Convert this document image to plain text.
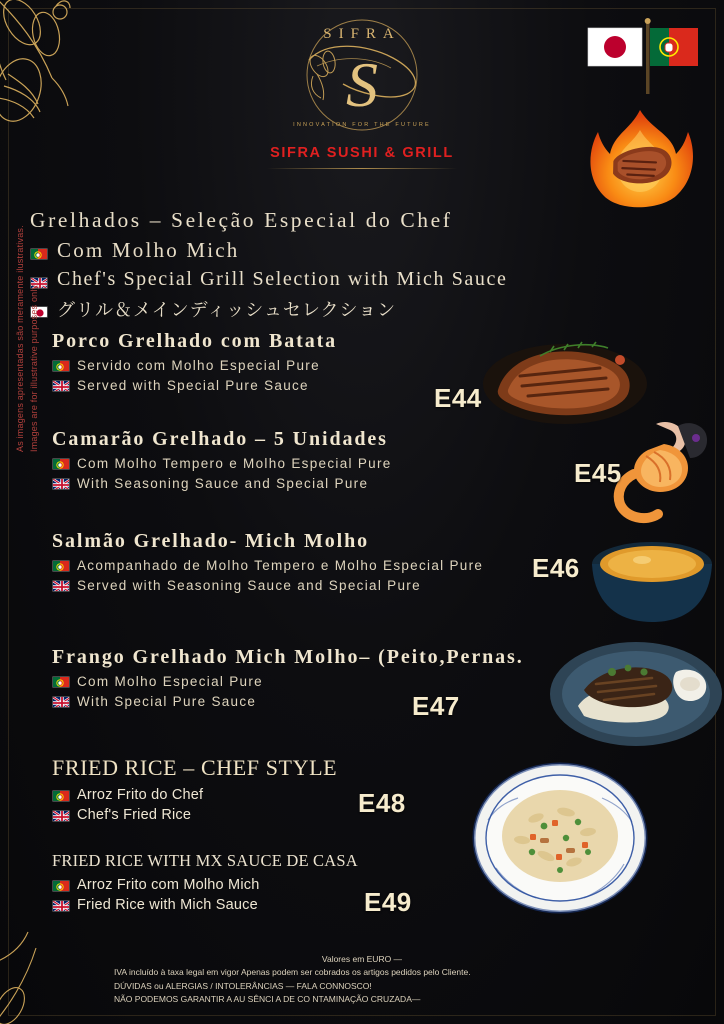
SIFRA
S
INNOVATION FOR THE FUTURE
SIFRA SUSHI & GRILL
Grelhados – Seleção Especial do Chef
Com Molho Mich
Chef's Special Grill Selection with Mich Sauce
グリル＆メインディッシュセレクション
Porco Grelhado com Batata
Servido com Molho Especial Pure
Served with Special Pure Sauce	E44
Camarão Grelhado – 5 Unidades
Com Molho Tempero e Molho Especial Pure
With Seasoning Sauce and Special Pure	E45
Salmão Grelhado- Mich Molho
Acompanhado de Molho Tempero e Molho Especial Pure
Served with Seasoning Sauce and Special Pure
E46
Frango Grelhado Mich Molho– (Peito,Pernas.
Com Molho Especial Pure
With Special Pure Sauce	E47
FRIED RICE – CHEF STYLE
Arroz Frito do Chef
Chef's Fried Rice	E48
FRIED RICE WITH MX SAUCE DE CASA
Arroz Frito com Molho Mich
Fried Rice with Mich Sauce	E49
As imagens apresentadas são meramente ilustrativas. Images are for illustrative purposes only.
Valores em EURO —
IVA incluído à taxa legal em vigor Apenas podem ser cobrados os artigos pedidos pelo Cliente.
DÚVIDAS ou ALERGIAS / INTOLERÂNCIAS — FALA CONNOSCO!
NÃO PODEMOS GARANTIR A AU SÊNCI A DE CO NTAMINAÇÃO CRUZADA—
